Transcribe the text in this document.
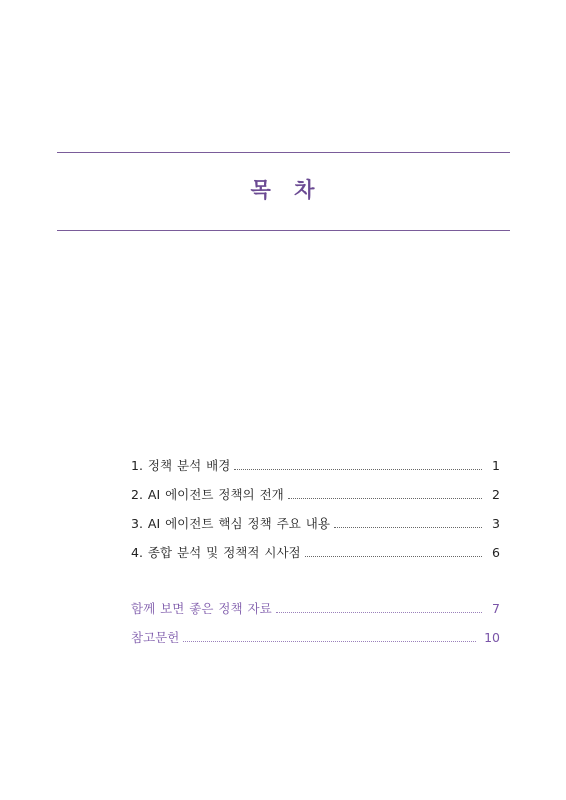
목 차
1. 정책 분석 배경	1
2. AI 에이전트 정책의 전개	2
3. AI 에이전트 핵심 정책 주요 내용	3
4. 종합 분석 및 정책적 시사점	6
함께 보면 좋은 정책 자료	7
참고문헌	10
